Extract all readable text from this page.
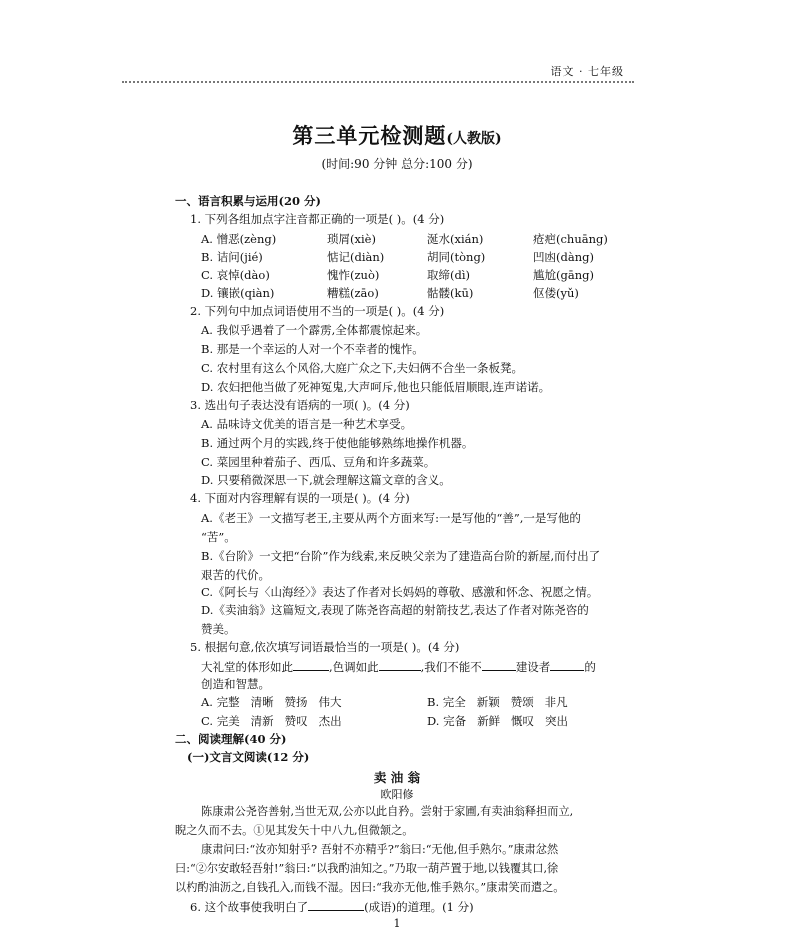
语文 · 七年级
第三单元检测题(人教版)
(时间:90 分钟 总分:100 分)
一、语言积累与运用(20 分)
1. 下列各组加点字注音都正确的一项是( )。(4 分)
A. 憎恶(zèng)	琐屑(xiè)	涎水(xián)	疮疤(chuāng)
B. 诘问(jié)	惦记(diàn)	胡同(tòng)	凹凼(dàng)
C. 哀悼(dào)	愧怍(zuò)	取缔(dì)	尴尬(gāng)
D. 镶嵌(qiàn)	糟糕(zāo)	骷髅(kū)	伛偻(yǔ)
2. 下列句中加点词语使用不当的一项是( )。(4 分)
A. 我似乎遇着了一个霹雳,全体都震惊起来。
B. 那是一个幸运的人对一个不幸者的愧怍。
C. 农村里有这么个风俗,大庭广众之下,夫妇俩不合坐一条板凳。
D. 农妇把他当做了死神冤鬼,大声呵斥,他也只能低眉顺眼,连声诺诺。
3. 选出句子表达没有语病的一项( )。(4 分)
A. 品味诗文优美的语言是一种艺术享受。
B. 通过两个月的实践,终于使他能够熟练地操作机器。
C. 菜园里种着茄子、西瓜、豆角和许多蔬菜。
D. 只要稍微深思一下,就会理解这篇文章的含义。
4. 下面对内容理解有误的一项是( )。(4 分)
A.《老王》一文描写老王,主要从两个方面来写:一是写他的“善”,一是写他的
“苦”。
B.《台阶》一文把“台阶”作为线索,来反映父亲为了建造高台阶的新屋,而付出了
艰苦的代价。
C.《阿长与〈山海经〉》表达了作者对长妈妈的尊敬、感激和怀念、祝愿之情。
D.《卖油翁》这篇短文,表现了陈尧咨高超的射箭技艺,表达了作者对陈尧咨的
赞美。
5. 根据句意,依次填写词语最恰当的一项是( )。(4 分)
大礼堂的体形如此	,色调如此	,我们不能不	建设者	的
创造和智慧。
A. 完整   清晰   赞扬   伟大	B. 完全   新颖   赞颂   非凡
C. 完美   清新   赞叹   杰出	D. 完备   新鲜   慨叹   突出
二、阅读理解(40 分)
(一)文言文阅读(12 分)
卖 油 翁
欧阳修
陈康肃公尧咨善射,当世无双,公亦以此自矜。尝射于家圃,有卖油翁释担而立,
睨之久而不去。①见其发矢十中八九,但微颔之。
康肃问曰:“汝亦知射乎? 吾射不亦精乎?”翁曰:“无他,但手熟尔。”康肃忿然
曰:“②尔安敢轻吾射!”翁曰:“以我酌油知之。”乃取一葫芦置于地,以钱覆其口,徐
以杓酌油沥之,自钱孔入,而钱不湿。因曰:“我亦无他,惟手熟尔。”康肃笑而遣之。
6. 这个故事使我明白了	(成语)的道理。(1 分)
1
